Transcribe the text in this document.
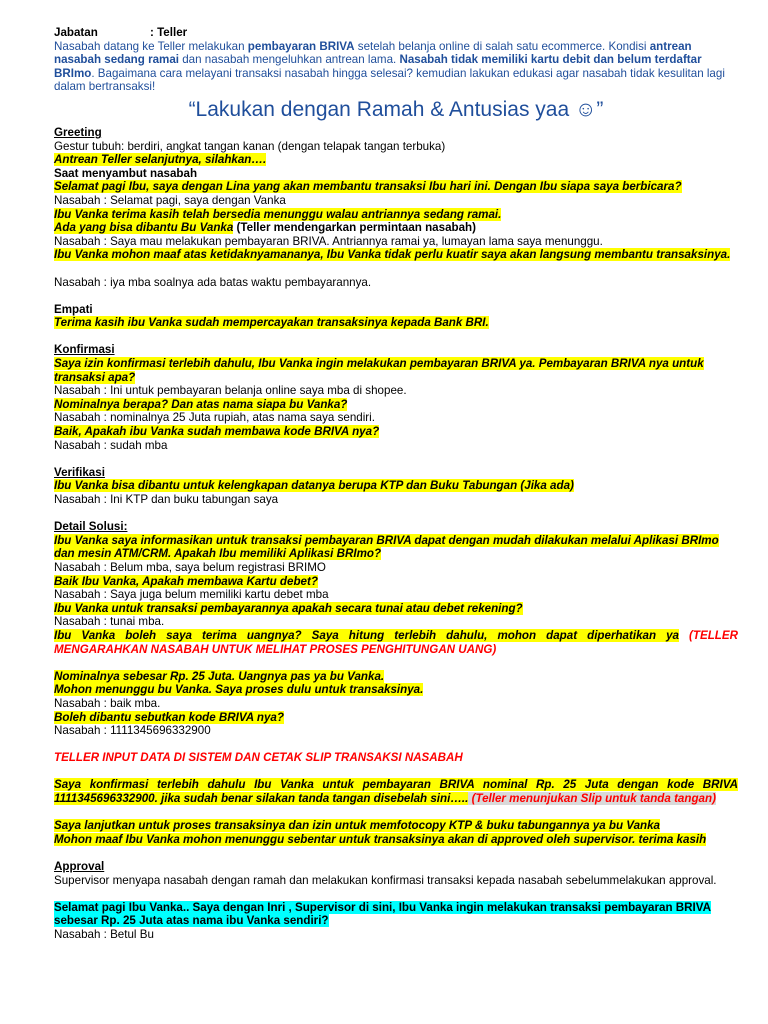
Jabatan	: Teller
Nasabah datang ke Teller melakukan pembayaran BRIVA setelah belanja online di salah satu ecommerce. Kondisi antrean nasabah sedang ramai dan nasabah mengeluhkan antrean lama. Nasabah tidak memiliki kartu debit dan belum terdaftar BRImo. Bagaimana cara melayani transaksi nasabah hingga selesai? kemudian lakukan edukasi agar nasabah tidak kesulitan lagi dalam bertransaksi!
“Lakukan dengan Ramah & Antusias yaa ☺”
Greeting
Gestur tubuh: berdiri, angkat tangan kanan (dengan telapak tangan terbuka)
Antrean Teller selanjutnya, silahkan….
Saat menyambut nasabah
Selamat pagi Ibu, saya dengan Lina yang akan membantu transaksi Ibu hari ini. Dengan Ibu siapa saya berbicara?
Nasabah : Selamat pagi, saya dengan Vanka
Ibu Vanka terima kasih telah bersedia menunggu walau antriannya sedang ramai.
Ada yang bisa dibantu Bu Vanka (Teller mendengarkan permintaan nasabah)
Nasabah : Saya mau melakukan pembayaran BRIVA. Antriannya ramai ya, lumayan lama saya menunggu.
Ibu Vanka mohon maaf atas ketidaknyamananya, Ibu Vanka tidak perlu kuatir saya akan langsung membantu transaksinya.
Nasabah : iya mba soalnya ada batas waktu pembayarannya.
Empati
Terima kasih ibu Vanka sudah mempercayakan transaksinya kepada Bank BRI.
Konfirmasi
Saya izin konfirmasi terlebih dahulu, Ibu Vanka ingin melakukan pembayaran BRIVA ya. Pembayaran BRIVA nya untuk transaksi apa?
Nasabah : Ini untuk pembayaran belanja online saya mba di shopee.
Nominalnya berapa? Dan atas nama siapa bu Vanka?
Nasabah : nominalnya 25 Juta rupiah, atas nama saya sendiri.
Baik, Apakah ibu Vanka sudah membawa kode BRIVA nya?
Nasabah : sudah mba
Verifikasi
Ibu Vanka bisa dibantu untuk kelengkapan datanya berupa KTP dan Buku Tabungan (Jika ada)
Nasabah : Ini KTP dan buku tabungan saya
Detail Solusi:
Ibu Vanka saya informasikan untuk transaksi pembayaran BRIVA dapat dengan mudah dilakukan melalui Aplikasi BRImo dan mesin ATM/CRM. Apakah Ibu memiliki Aplikasi BRImo?
Nasabah : Belum mba, saya belum registrasi BRIMO
Baik Ibu Vanka, Apakah membawa Kartu debet?
Nasabah : Saya juga belum memiliki kartu debet mba
Ibu Vanka untuk transaksi pembayarannya apakah secara tunai atau debet rekening?
Nasabah : tunai mba.
Ibu Vanka boleh saya terima uangnya? Saya hitung terlebih dahulu, mohon dapat diperhatikan ya (TELLER MENGARAHKAN NASABAH UNTUK MELIHAT PROSES PENGHITUNGAN UANG)
Nominalnya sebesar Rp. 25 Juta. Uangnya pas ya bu Vanka.
Mohon menunggu bu Vanka. Saya proses dulu untuk transaksinya.
Nasabah : baik mba.
Boleh dibantu sebutkan kode BRIVA nya?
Nasabah : 1111345696332900
TELLER INPUT DATA DI SISTEM DAN CETAK SLIP TRANSAKSI NASABAH
Saya konfirmasi terlebih dahulu Ibu Vanka untuk pembayaran BRIVA nominal Rp. 25 Juta dengan kode BRIVA 1111345696332900. jika sudah benar silakan tanda tangan disebelah sini….. (Teller menunjukan Slip untuk tanda tangan)
Saya lanjutkan untuk proses transaksinya dan izin untuk memfotocopy KTP & buku tabungannya ya bu Vanka
Mohon maaf Ibu Vanka mohon menunggu sebentar untuk transaksinya akan di approved oleh supervisor. terima kasih
Approval
Supervisor menyapa nasabah dengan ramah dan melakukan konfirmasi transaksi kepada nasabah sebelummelakukan approval.
Selamat pagi Ibu Vanka.. Saya dengan Inri , Supervisor di sini, Ibu Vanka ingin melakukan transaksi pembayaran BRIVA sebesar Rp. 25 Juta atas nama ibu Vanka sendiri?
Nasabah : Betul Bu
